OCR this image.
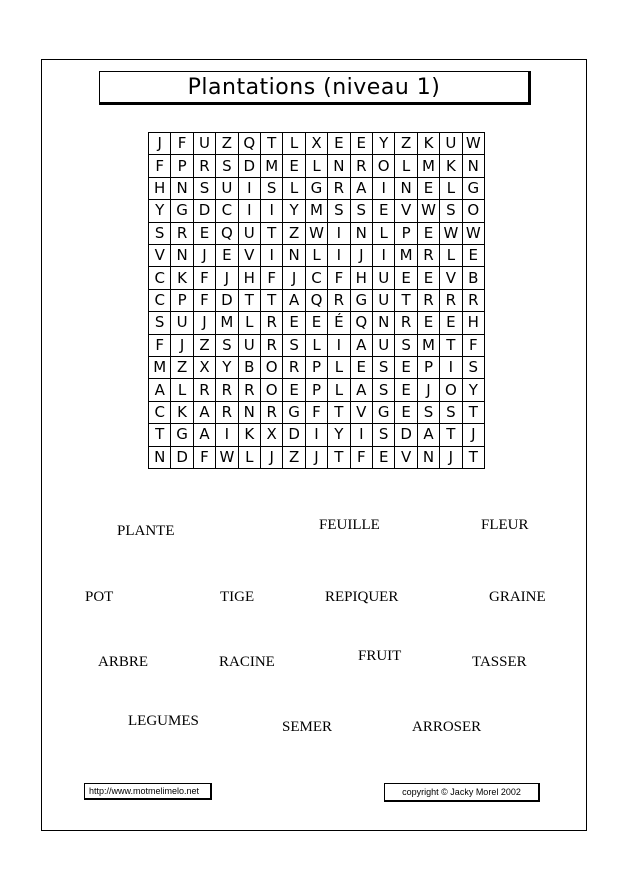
Plantations (niveau 1)
J	F U Z Q T L X E E Y Z K U W
F P R S D M E L N R O L M K N
H N S U I	S L G R A	I N E L G
Y G D C I	I	Y M S S E V W S O
S R E Q U T Z W I N L P E W W
V N J	E V	I N L	I	J	I M R L E
C K F	J H F	J C F H U E E V B
C P F D T T A Q R G U T R R R
S U J M L R E E É Q N R E E H
F	J	Z S U R S L	I	A U S M T F
M Z X Y B O R P L E S E P	I	S
A L R R R O E P L A S E	J O Y
C K A R N R G F T V G E S S T
T G A	I	K X D I	Y	I	S D A T	J
N D F W L	J	Z	J	T F E V N J	T
PLANTE	FEUILLE	FLEUR
POT	TIGE	REPIQUER	GRAINE
ARBRE	RACINE	FRUIT	TASSER
LEGUMES	SEMER	ARROSER
http://www.motmelimelo.net	copyright © Jacky Morel 2002
